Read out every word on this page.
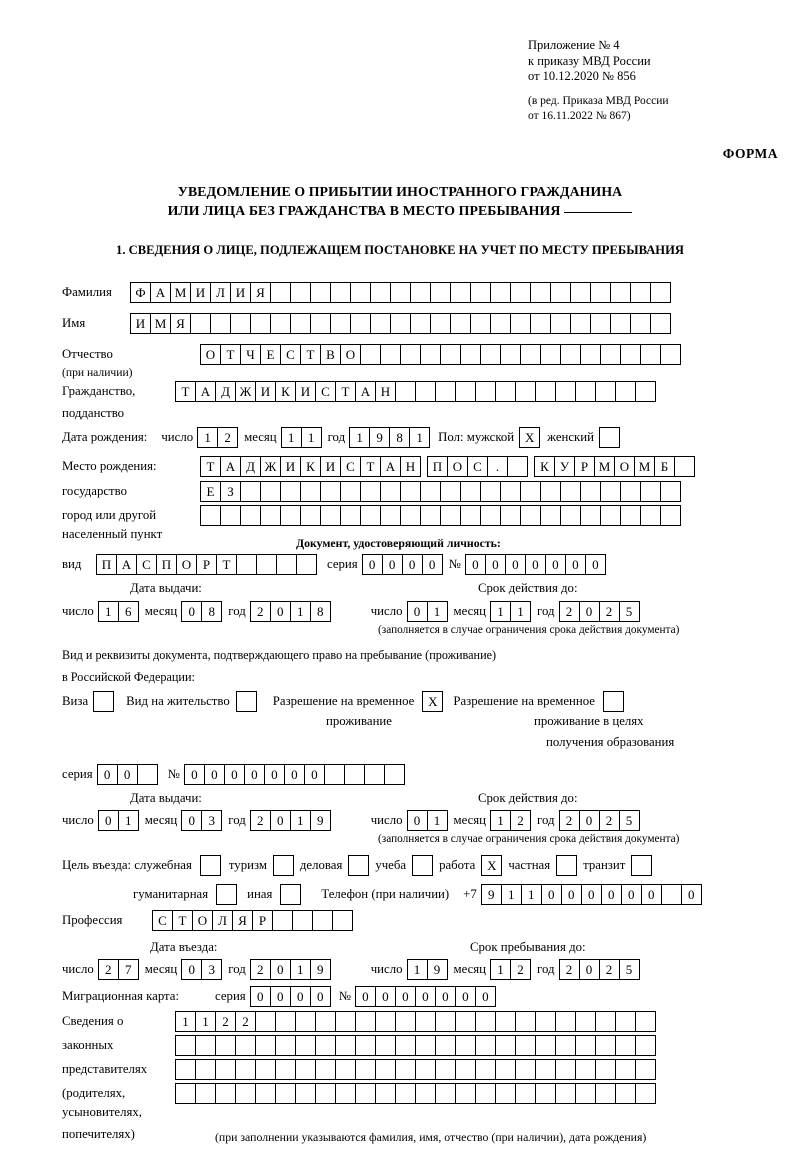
Приложение № 4
к приказу МВД России
от 10.12.2020 № 856
(в ред. Приказа МВД России
от 16.11.2022 № 867)
ФОРМА
УВЕДОМЛЕНИЕ О ПРИБЫТИИ ИНОСТРАННОГО ГРАЖДАНИНА
ИЛИ ЛИЦА БЕЗ ГРАЖДАНСТВА В МЕСТО ПРЕБЫВАНИЯ
1. СВЕДЕНИЯ О ЛИЦЕ, ПОДЛЕЖАЩЕМ ПОСТАНОВКЕ НА УЧЕТ ПО МЕСТУ ПРЕБЫВАНИЯ
Фамилия	Ф А М И Л И Я
Имя	И М Я
Отчество	О Т Ч Е С Т В О
(при наличии)
Гражданство,	Т А Д Ж И К И С Т А Н
подданство
Дата рождения: число 1	2	месяц 1	1	год 1	9	8	1	Пол: мужской X	женский
Место рождения:	Т А Д Ж И К И С Т А Н	П О С	.	К У Р М О М Б
государство	Е З
город или другой
населенный пункт
Документ, удостоверяющий личность:
вид	П А С П О Р Т	серия 0	0	0	0	№ 0	0	0	0	0	0	0
Дата выдачи:	Срок действия до:
число 1	6	месяц 0	8	год 2	0	1	8	число 0	1	месяц 1	1	год 2	0	2	5
(заполняется в случае ограничения срока действия документа)
Вид и реквизиты документа, подтверждающего право на пребывание (проживание)
в Российской Федерации:
Виза	Вид на жительство	Разрешение на временное	X	Разрешение на временное
проживание	проживание в целях
получения образования
серия 0	0	№ 0	0	0	0	0	0	0
Дата выдачи:	Срок действия до:
число 0	1	месяц 0	3	год 2	0	1	9	число 0	1	месяц 1	2	год 2	0	2	5
(заполняется в случае ограничения срока действия документа)
Цель въезда: служебная	туризм	деловая	учеба	работа X частная	транзит
гуманитарная	иная	Телефон (при наличии) +7 9	1	1	0	0	0	0	0	0	0
Профессия	С Т О Л Я Р
Дата въезда:	Срок пребывания до:
число 2	7	месяц 0	3	год 2	0	1	9	число 1	9	месяц 1	2	год 2	0	2	5
Миграционная карта:	серия 0	0	0	0	№ 0	0	0	0	0	0	0
Сведения о	1	1	2	2
законных
представителях
(родителях,
усыновителях,
попечителях)	(при заполнении указываются фамилия, имя, отчество (при наличии), дата рождения)
